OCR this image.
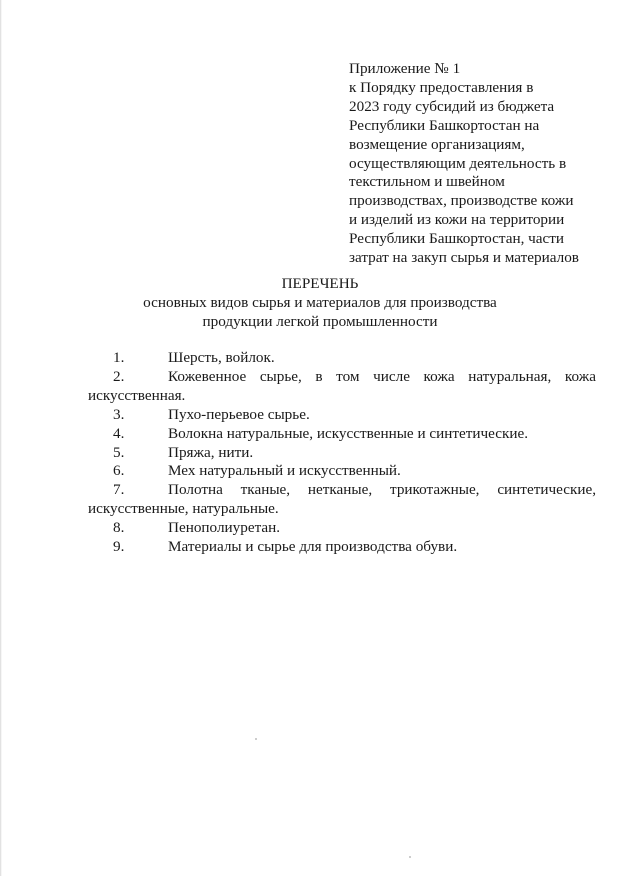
Приложение № 1
к Порядку предоставления в
2023 году субсидий из бюджета
Республики Башкортостан на
возмещение организациям,
осуществляющим деятельность в
текстильном и швейном
производствах, производстве кожи
и изделий из кожи на территории
Республики Башкортостан, части
затрат на закуп сырья и материалов
ПЕРЕЧЕНЬ
основных видов сырья и материалов для производства
продукции легкой промышленности

1.	Шерсть, войлок.

2.	Кожевенное сырье, в том числе кожа натуральная, кожа искусственная.

3.	Пухо-перьевое сырье.

4.	Волокна натуральные, искусственные и синтетические.

5.	Пряжа, нити.

6.	Мех натуральный и искусственный.

7.	Полотна тканые, нетканые, трикотажные, синтетические, искусственные, натуральные.

8.	Пенополиуретан.

9.	Материалы и сырье для производства обуви.
